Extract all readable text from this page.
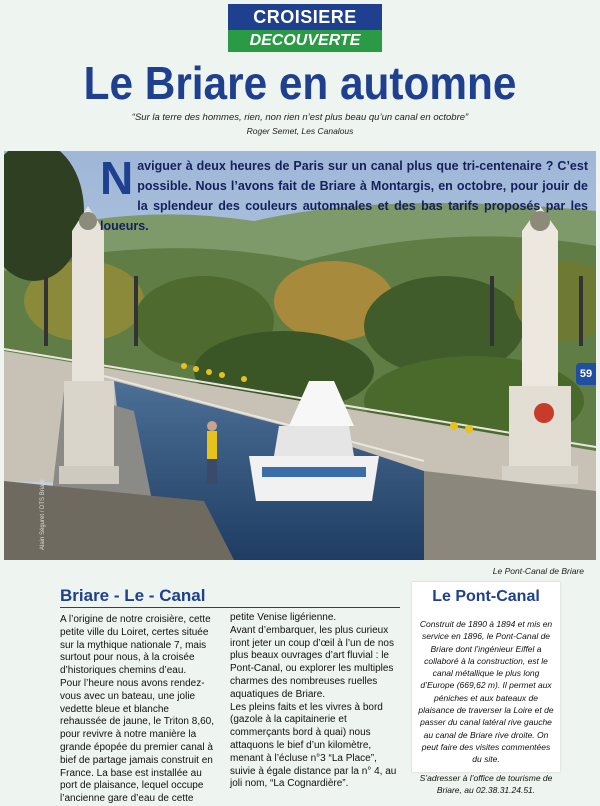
CROISIERE
DECOUVERTE
Le Briare en automne
“Sur la terre des hommes, rien, non rien n’est plus beau qu’un canal en octobre”
Roger Semet, Les Canalous
59
Naviguer à deux heures de Paris sur un canal plus que tri-centenaire ? C’est possible. Nous l’avons fait de Briare à Montargis, en octobre, pour jouir de la splendeur des couleurs automnales et des bas tarifs proposés par les loueurs.
Alain Séguret / DTS Briare
Le Pont-Canal de Briare
Briare - Le - Canal

A l’origine de notre croisière, cette petite ville du Loiret, certes située sur la mythique nationale 7, mais surtout pour nous, à la croisée d’historiques chemins d’eau.

Pour l’heure nous avons rendez-vous avec un bateau, une jolie vedette bleue et blanche rehaussée de jaune, le Triton 8,60, pour revivre à notre manière la grande épopée du premier canal à bief de partage jamais construit en France. La base est installée au port de plaisance, lequel occupe l’ancienne gare d’eau de cette

petite Venise ligérienne.

Avant d’embarquer, les plus curieux iront jeter un coup d’œil à l’un de nos plus beaux ouvrages d’art fluvial : le Pont-Canal, ou explorer les multiples charmes des nombreuses ruelles aquatiques de Briare.

Les pleins faits et les vivres à bord (gazole à la capitainerie et commerçants bord à quai) nous attaquons le bief d’un kilomètre, menant à l’écluse n°3 “La Place”, suivie à égale distance par la n° 4, au joli nom, “La Cognardière”.

Le Pont-Canal

Construit de 1890 à 1894 et mis en service en 1896, le Pont-Canal de Briare dont l’ingénieur Eiffel a collaboré à la construction, est le canal métallique le plus long d’Europe (669,62 m). Il permet aux péniches et aux bateaux de plaisance de traverser la Loire et de passer du canal latéral rive gauche au canal de Briare rive droite. On peut faire des visites commentées du site.

S’adresser à l’office de tourisme de Briare, au 02.38.31.24.51.
